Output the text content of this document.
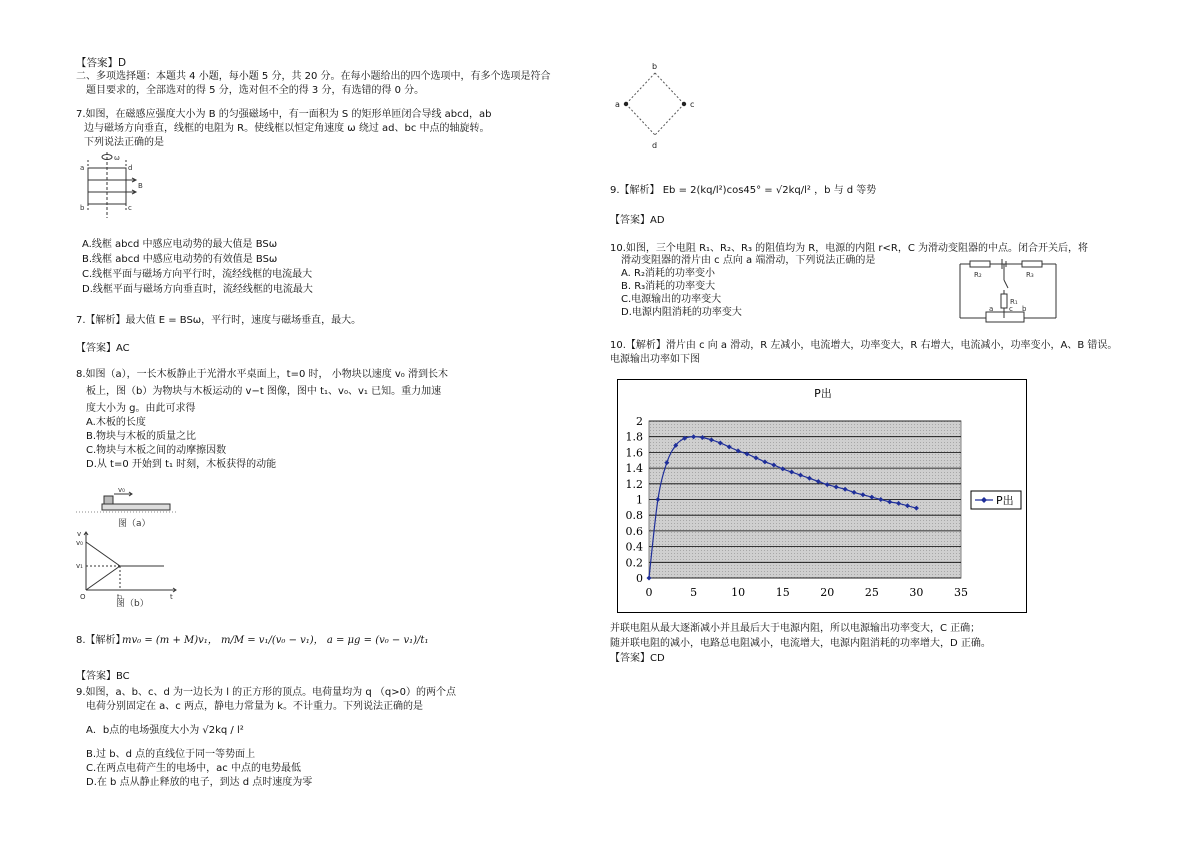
【答案】D
二、多项选择题：本题共 4 小题，每小题 5 分，共 20 分。在每小题给出的四个选项中，有多个选项是符合
题目要求的，全部选对的得 5 分，选对但不全的得 3 分，有选错的得 0 分。
7.如图，在磁感应强度大小为 B 的匀强磁场中，有一面积为 S 的矩形单匝闭合导线 abcd，ab
边与磁场方向垂直，线框的电阻为 R。使线框以恒定角速度 ω 绕过 ad、bc 中点的轴旋转。
下列说法正确的是
a
b	c
d
ω
B
A.线框 abcd 中感应电动势的最大值是 BSω
B.线框 abcd 中感应电动势的有效值是 BSω
C.线框平面与磁场方向平行时，流经线框的电流最大
D.线框平面与磁场方向垂直时，流经线框的电流最大
7.【解析】最大值 E = BSω，平行时，速度与磁场垂直，最大。
【答案】AC
8.如图（a），一长木板静止于光滑水平桌面上，t=0 时， 小物块以速度 v₀ 滑到长木
板上，图（b）为物块与木板运动的 v−t 图像，图中 t₁、v₀、v₁ 已知。重力加速
度大小为 g。由此可求得
A.木板的长度
B.物块与木板的质量之比
C.物块与木板之间的动摩擦因数
D.从 t=0 开始到 t₁ 时刻，木板获得的动能
v₀
图（a）
v
v₀
v₁
O	t₁	t
图（b）
8.【解析】
mv₀ = (m + M)v₁， m/M = v₁/(v₀ − v₁)， a = μg = (v₀ − v₁)/t₁
【答案】BC
9.如图，a、b、c、d 为一边长为 l 的正方形的顶点。电荷量均为 q （q>0）的两个点
电荷分别固定在 a、c 两点，静电力常量为 k。不计重力。下列说法正确的是
A．b点的电场强度大小为 √2kq / l²
B.过 b、d 点的直线位于同一等势面上
C.在两点电荷产生的电场中，ac 中点的电势最低
D.在 b 点从静止释放的电子，到达 d 点时速度为零
b
a	c
d
9.【解析】 Eb = 2(kq/l²)cos45° = √2kq/l² ，b 与 d 等势
【答案】AD
10.如图，三个电阻 R₁、R₂、R₃ 的阻值均为 R，电源的内阻 r<R，C 为滑动变阻器的中点。闭合开关后，将
滑动变阻器的滑片由 c 点向 a 端滑动，下列说法正确的是
A. R₂消耗的功率变小
B. R₃消耗的功率变大
C.电源输出的功率变大
D.电源内阻消耗的功率变大
R₂	R₃
R₁
a c b
10.【解析】滑片由 c 向 a 滑动，R 左减小，电流增大，功率变大，R 右增大，电流减小，功率变小，A、B 错误。
电源输出功率如下图
0
0.2
0.4
0.6
0.8
1
1.2
1.4
1.6
1.8
2
0	5	10	15	20	25	30	35
P出
P出
并联电阻从最大逐渐减小并且最后大于电源内阻，所以电源输出功率变大，C 正确；
随并联电阻的减小，电路总电阻减小，电流增大，电源内阻消耗的功率增大，D 正确。
【答案】CD
